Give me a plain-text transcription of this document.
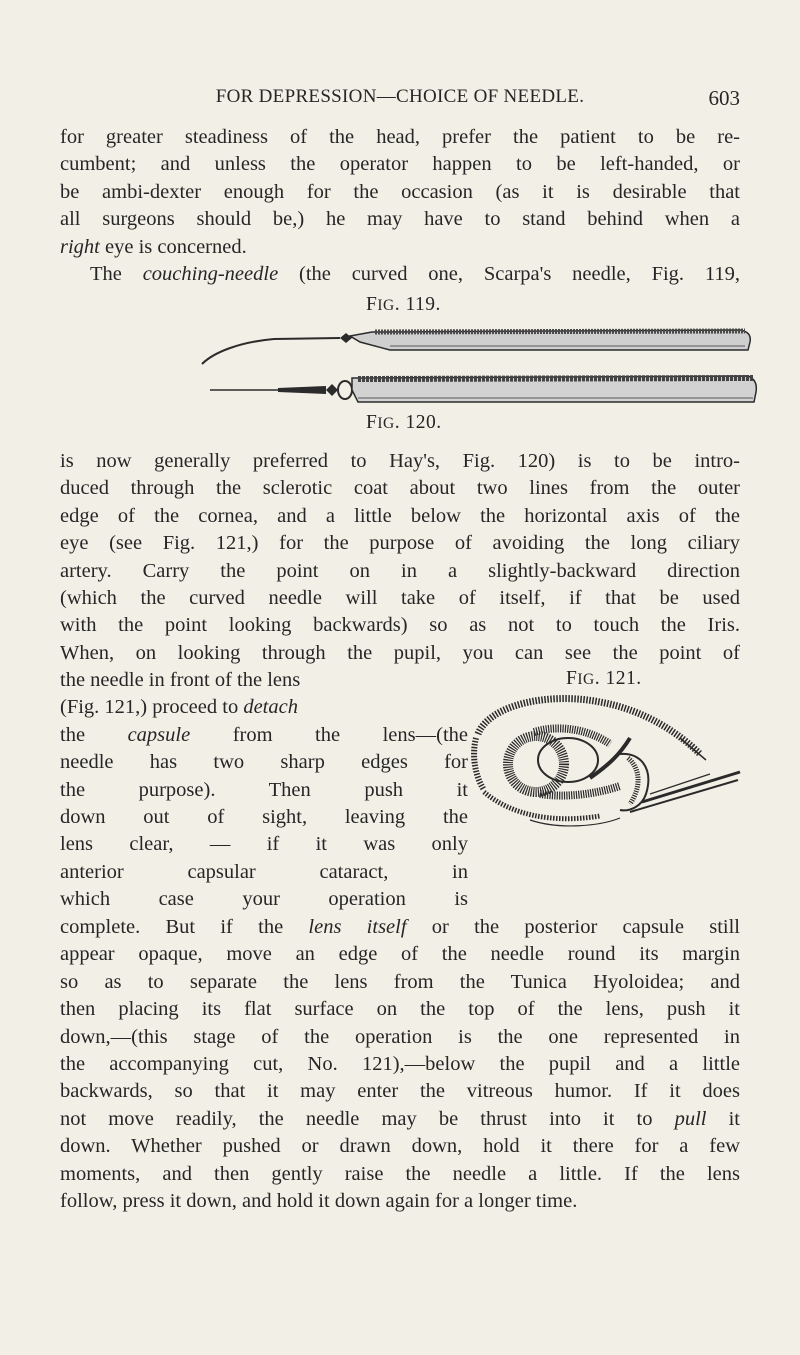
FOR DEPRESSION—CHOICE OF NEEDLE.	603
for greater steadiness of the head, prefer the patient to be re-
cumbent; and unless the operator happen to be left-handed, or
be ambi-dexter enough for the occasion (as it is desirable that
all surgeons should be,) he may have to stand behind when a
right eye is concerned.
The couching-needle (the curved one, Scarpa's needle, Fig. 119,
FIG. 119.
FIG. 120.
is now generally preferred to Hay's, Fig. 120) is to be intro-
duced through the sclerotic coat about two lines from the outer
edge of the cornea, and a little below the horizontal axis of the
eye (see Fig. 121,) for the purpose of avoiding the long ciliary
artery. Carry the point on in a slightly-backward direction
(which the curved needle will take of itself, if that be used
with the point looking backwards) so as not to touch the Iris.
When, on looking through the pupil, you can see the point of
the needle in front of the lens
(Fig. 121,) proceed to detach
the capsule from the lens—(the
needle has two sharp edges for
the purpose). Then push it
down out of sight, leaving the
lens clear, — if it was only
anterior capsular cataract, in
which case your operation is
FIG. 121.
complete. But if the lens itself or the posterior capsule still
appear opaque, move an edge of the needle round its margin
so as to separate the lens from the Tunica Hyoloidea; and
then placing its flat surface on the top of the lens, push it
down,—(this stage of the operation is the one represented in
the accompanying cut, No. 121),—below the pupil and a little
backwards, so that it may enter the vitreous humor. If it does
not move readily, the needle may be thrust into it to pull it
down. Whether pushed or drawn down, hold it there for a few
moments, and then gently raise the needle a little. If the lens
follow, press it down, and hold it down again for a longer time.
